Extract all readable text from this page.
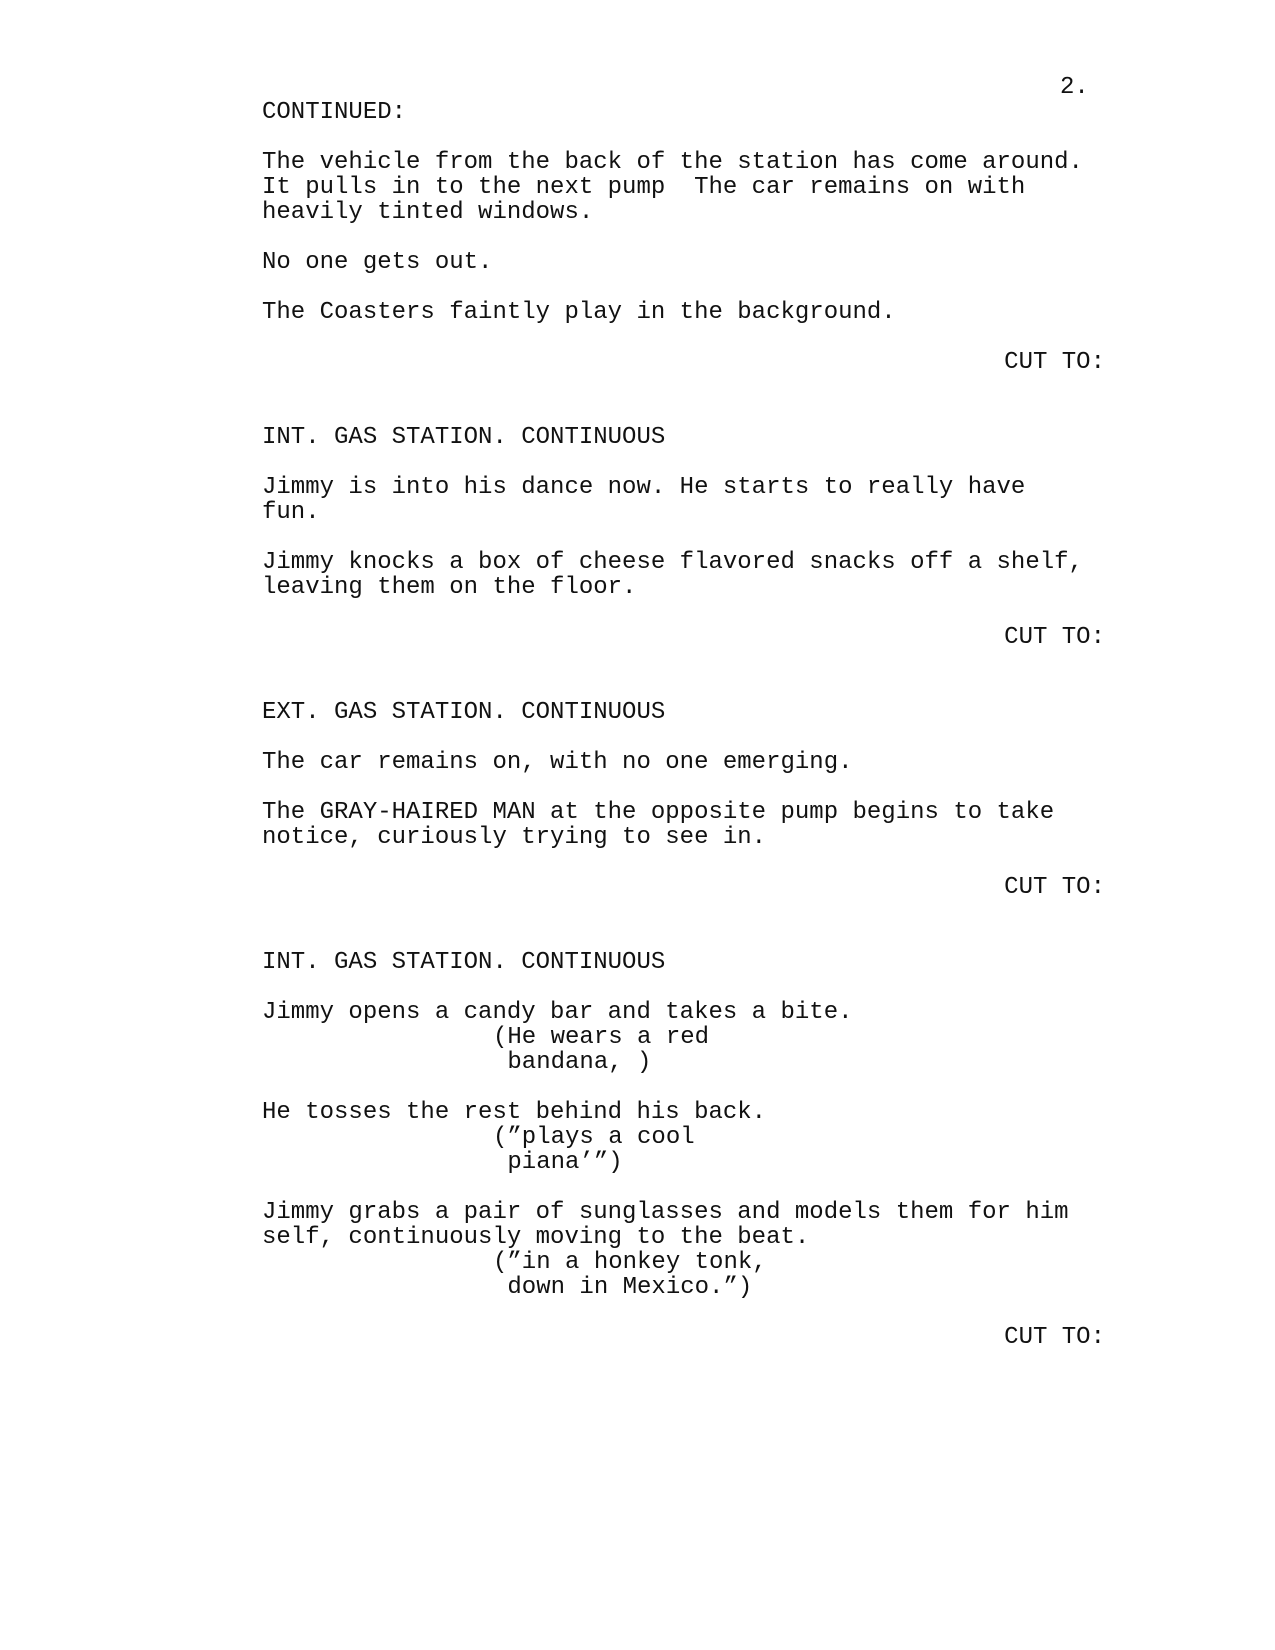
2.
CONTINUED:
The vehicle from the back of the station has come around.
It pulls in to the next pump  The car remains on with
heavily tinted windows.
No one gets out.
The Coasters faintly play in the background.
CUT TO:
INT. GAS STATION. CONTINUOUS
Jimmy is into his dance now. He starts to really have
fun.
Jimmy knocks a box of cheese flavored snacks off a shelf,
leaving them on the floor.
CUT TO:
EXT. GAS STATION. CONTINUOUS
The car remains on, with no one emerging.
The GRAY-HAIRED MAN at the opposite pump begins to take
notice, curiously trying to see in.
CUT TO:
INT. GAS STATION. CONTINUOUS
Jimmy opens a candy bar and takes a bite.
(He wears a red
bandana, )
He tosses the rest behind his back.
(”plays a cool
piana’”)
Jimmy grabs a pair of sunglasses and models them for him
self, continuously moving to the beat.
(”in a honkey tonk,
down in Mexico.”)
CUT TO:
